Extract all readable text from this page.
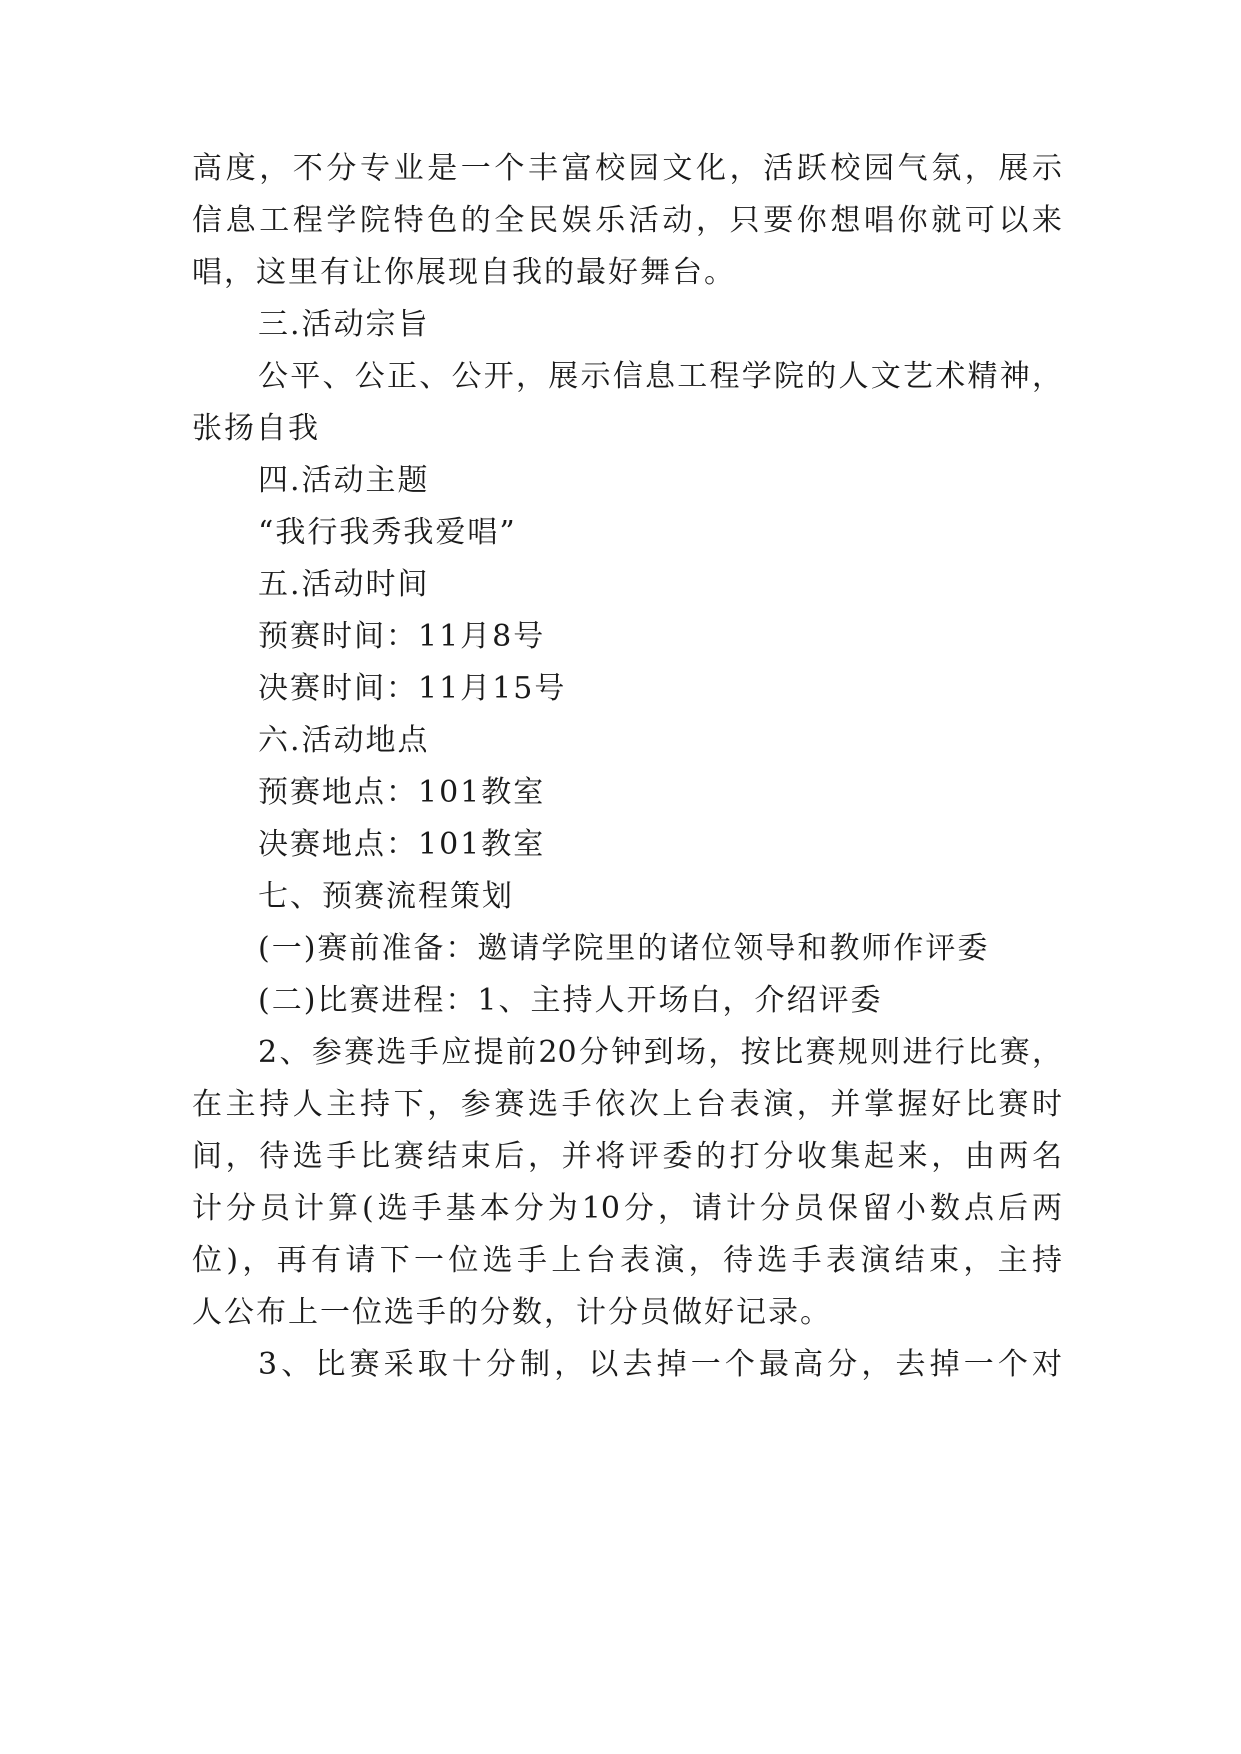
高度，不分专业是一个丰富校园文化，活跃校园气氛，展示
信息工程学院特色的全民娱乐活动，只要你想唱你就可以来
唱，这里有让你展现自我的最好舞台。
三.活动宗旨
公平、公正、公开，展示信息工程学院的人文艺术精神，
张扬自我
四.活动主题
“我行我秀我爱唱”
五.活动时间
预赛时间：11月8号
决赛时间：11月15号
六.活动地点
预赛地点：101教室
决赛地点：101教室
七、预赛流程策划
(一)赛前准备：邀请学院里的诸位领导和教师作评委
(二)比赛进程：1、主持人开场白，介绍评委
2、参赛选手应提前20分钟到场，按比赛规则进行比赛，
在主持人主持下，参赛选手依次上台表演，并掌握好比赛时
间，待选手比赛结束后，并将评委的打分收集起来，由两名
计分员计算(选手基本分为10分，请计分员保留小数点后两
位)，再有请下一位选手上台表演，待选手表演结束，主持
人公布上一位选手的分数，计分员做好记录。
3、比赛采取十分制，以去掉一个最高分，去掉一个对
